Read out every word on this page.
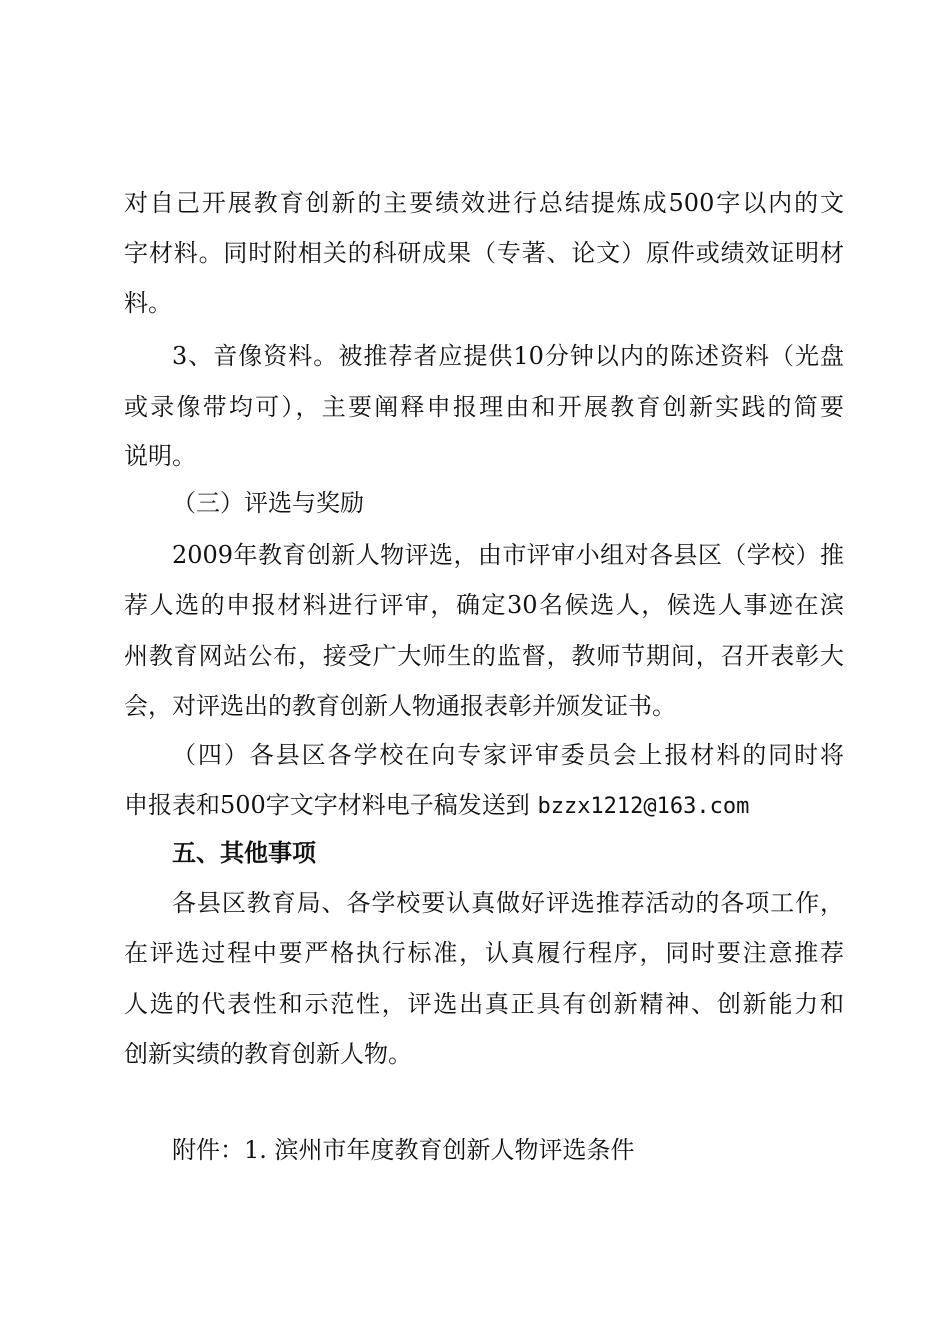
对自己开展教育创新的主要绩效进行总结提炼成500字以内的文
字材料。同时附相关的科研成果（专著、论文）原件或绩效证明材
料。
3、音像资料。被推荐者应提供10分钟以内的陈述资料（光盘
或录像带均可），主要阐释申报理由和开展教育创新实践的简要
说明。
（三）评选与奖励
2009年教育创新人物评选，由市评审小组对各县区（学校）推
荐人选的申报材料进行评审，确定30名候选人，候选人事迹在滨
州教育网站公布，接受广大师生的监督，教师节期间，召开表彰大
会，对评选出的教育创新人物通报表彰并颁发证书。
（四）各县区各学校在向专家评审委员会上报材料的同时将
申报表和500字文字材料电子稿发送到 bzzx1212@163.com
五、其他事项
各县区教育局、各学校要认真做好评选推荐活动的各项工作，
在评选过程中要严格执行标准，认真履行程序，同时要注意推荐
人选的代表性和示范性，评选出真正具有创新精神、创新能力和
创新实绩的教育创新人物。
附件：1. 滨州市年度教育创新人物评选条件
